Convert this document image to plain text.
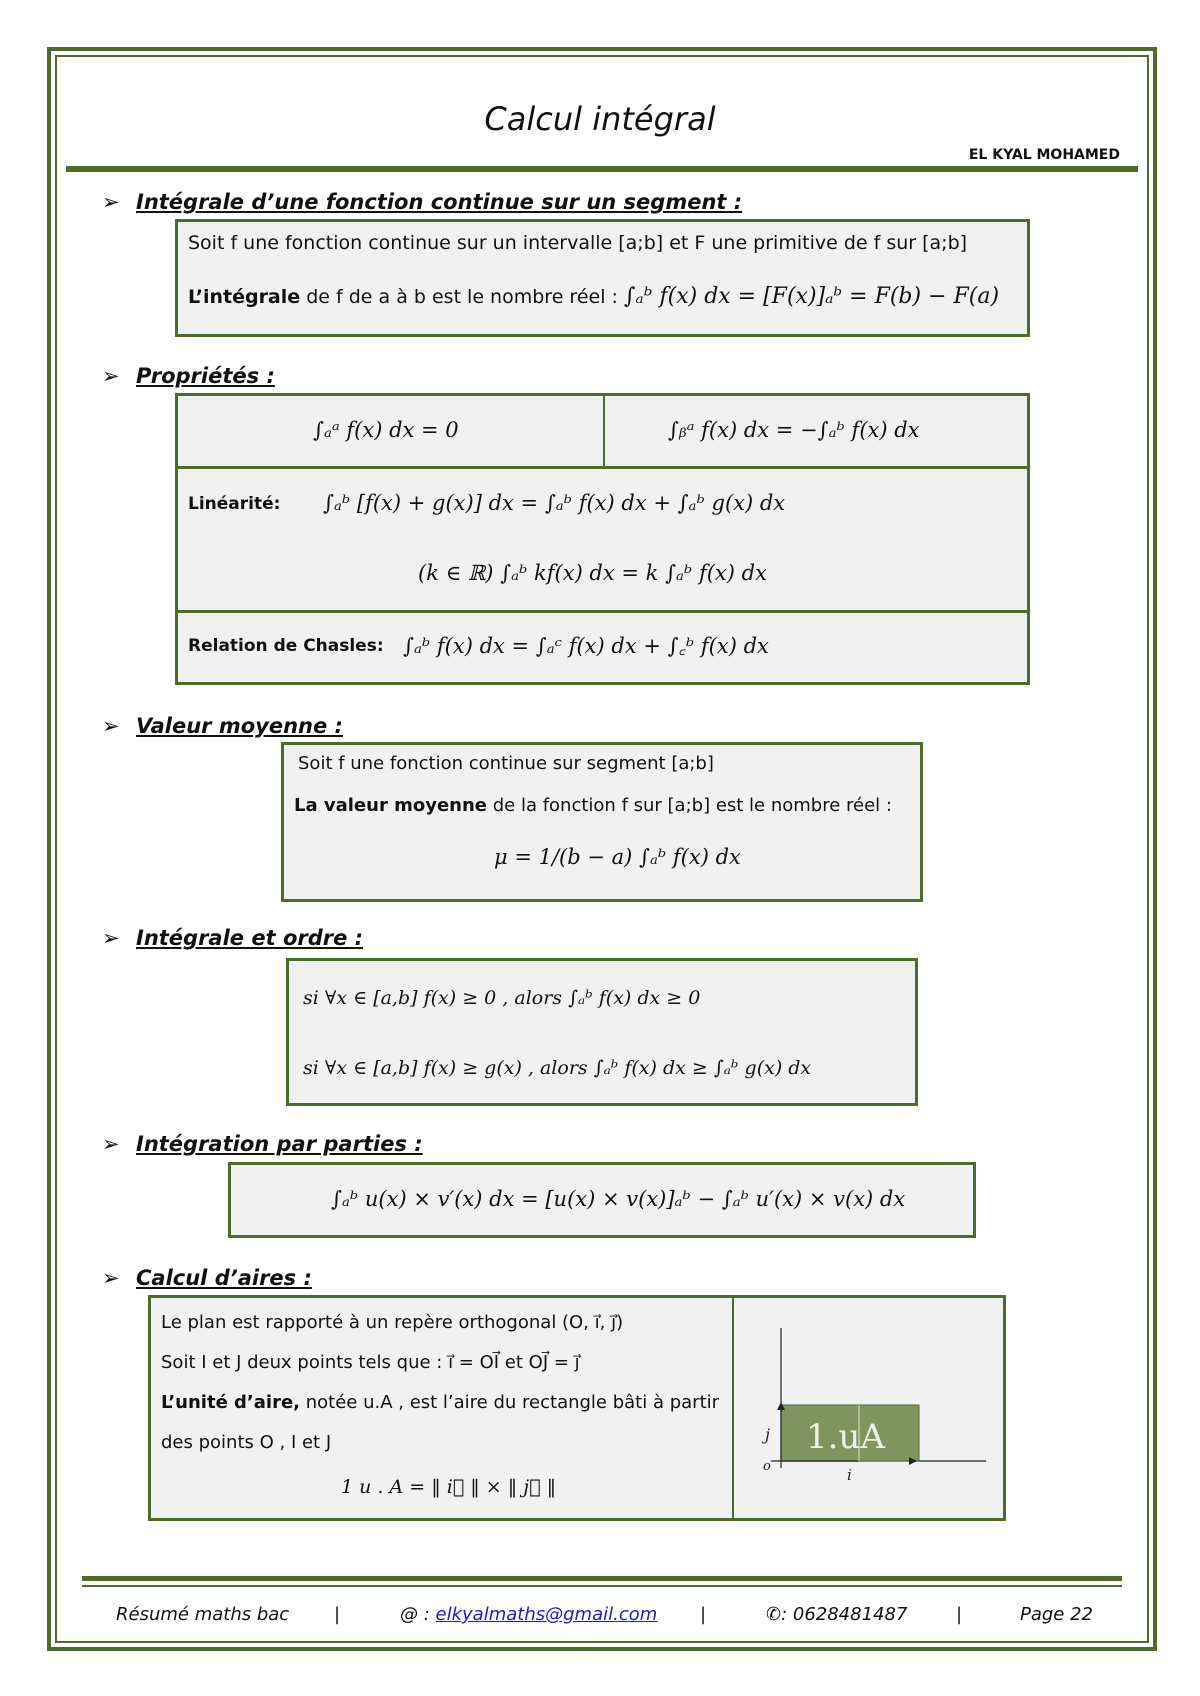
Calcul intégral
EL KYAL MOHAMED
➢ Intégrale d’une fonction continue sur un segment :
Soit f une fonction continue sur un intervalle [a;b] et F une primitive de f sur [a;b]
L’intégrale de f de a à b est le nombre réel : ∫ₐᵇ f(x) dx = [F(x)]ₐᵇ = F(b) − F(a)
➢ Propriétés :
∫ₐᵃ f(x) dx = 0	∫ᵦᵃ f(x) dx = −∫ₐᵇ f(x) dx
Linéarité: ∫ₐᵇ [f(x) + g(x)] dx = ∫ₐᵇ f(x) dx + ∫ₐᵇ g(x) dx
(k ∈ ℝ) ∫ₐᵇ kf(x) dx = k ∫ₐᵇ f(x) dx
Relation de Chasles: ∫ₐᵇ f(x) dx = ∫ₐᶜ f(x) dx + ∫꜀ᵇ f(x) dx
➢ Valeur moyenne :
Soit f une fonction continue sur segment [a;b]
La valeur moyenne de la fonction f sur [a;b] est le nombre réel :
μ = 1/(b − a) ∫ₐᵇ f(x) dx
➢ Intégrale et ordre :
si ∀x ∈ [a,b] f(x) ≥ 0 , alors ∫ₐᵇ f(x) dx ≥ 0
si ∀x ∈ [a,b] f(x) ≥ g(x) , alors ∫ₐᵇ f(x) dx ≥ ∫ₐᵇ g(x) dx
➢ Intégration par parties :
∫ₐᵇ u(x) × v′(x) dx = [u(x) × v(x)]ₐᵇ − ∫ₐᵇ u′(x) × v(x) dx
➢ Calcul d’aires :
Le plan est rapporté à un repère orthogonal (O, i⃗, j⃗)
Soit I et J deux points tels que : i⃗ = OI⃗ et OJ⃗ = j⃗
L’unité d’aire, notée u.A , est l’aire du rectangle bâti à partir
des points O , I et J
1 u . A = ‖ i⃗ ‖ × ‖ j⃗ ‖
1.uA
j
o	i
Résumé maths bac |	@ : elkyalmaths@gmail.com |	✆: 0628481487	|	Page 22
